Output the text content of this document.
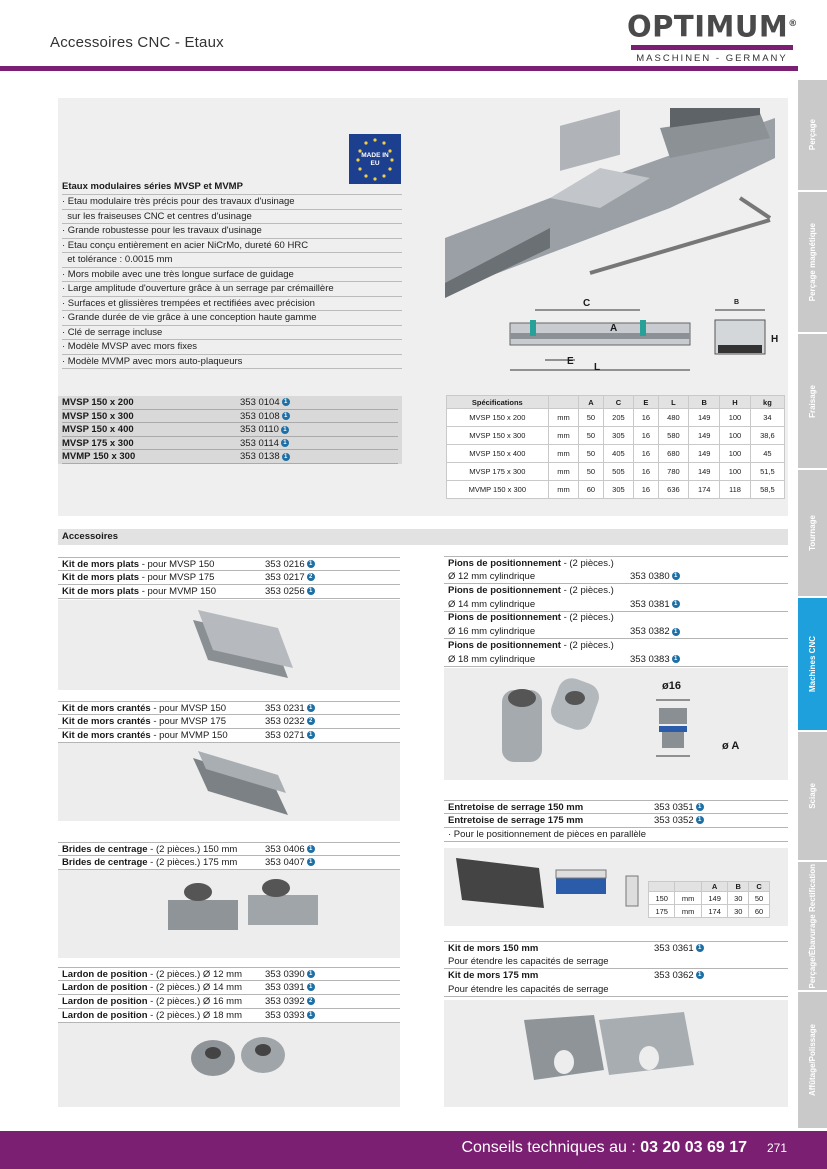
Accessoires CNC - Etaux	OPTIMUM®
MASCHINEN - GERMANY
Perçage
Perçage magnétique
Fraisage
Tournage
Machines CNC
Sciage
Perçage/Ébavurage Rectification
Affûtage/Polissage
MADE IN EU
Etaux modulaires séries MVSP et MVMP
· Etau modulaire très précis pour des travaux d'usinage
sur les fraiseuses CNC et centres d'usinage
· Grande robustesse pour les travaux d'usinage
· Etau conçu entièrement en acier NiCrMo, dureté 60 HRC
et tolérance : 0.0015 mm
· Mors mobile avec une très longue surface de guidage
· Large amplitude d'ouverture grâce à un serrage par crémaillère
· Surfaces et glissières trempées et rectifiées avec précision
· Grande durée de vie grâce à une conception haute gamme
· Clé de serrage incluse
· Modèle MVSP avec mors fixes
· Modèle MVMP avec mors auto-plaqueurs
C
A
E
L
B
H
MVSP 150 x 200	353 0104 1
MVSP 150 x 300	353 0108 1
MVSP 150 x 400	353 0110 1
MVSP 175 x 300	353 0114 1
MVMP 150 x 300	353 0138 1
Spécifications		A	C	E	L	B	H	kg
MVSP 150 x 200	mm	50	205	16	480	149	100	34
MVSP 150 x 300	mm	50	305	16	580	149	100	38,6
MVSP 150 x 400	mm	50	405	16	680	149	100	45
MVSP 175 x 300	mm	50	505	16	780	149	100	51,5
MVMP 150 x 300	mm	60	305	16	636	174	118	58,5
Accessoires
Kit de mors plats - pour MVSP 150	353 0216 1
Kit de mors plats - pour MVSP 175	353 0217 2
Kit de mors plats - pour MVMP 150	353 0256 1
Kit de mors crantés - pour MVSP 150	353 0231 1
Kit de mors crantés - pour MVSP 175	353 0232 2
Kit de mors crantés - pour MVMP 150	353 0271 1
Brides de centrage - (2 pièces.) 150 mm	353 0406 1
Brides de centrage - (2 pièces.) 175 mm	353 0407 1
Lardon de position - (2 pièces.) Ø 12 mm 353 0390 1
Lardon de position - (2 pièces.) Ø 14 mm 353 0391 1
Lardon de position - (2 pièces.) Ø 16 mm 353 0392 2
Lardon de position - (2 pièces.) Ø 18 mm 353 0393 1
Pions de positionnement - (2 pièces.)
Ø 12 mm cylindrique	353 0380 1
Pions de positionnement - (2 pièces.)
Ø 14 mm cylindrique	353 0381 1
Pions de positionnement - (2 pièces.)
Ø 16 mm cylindrique	353 0382 1
Pions de positionnement - (2 pièces.)
Ø 18 mm cylindrique	353 0383 1
ø16
ø A
Entretoise de serrage 150 mm	353 0351 1
Entretoise de serrage 175 mm	353 0352 1
· Pour le positionnement de pièces en parallèle
		A	B	C
150	mm	149	30	50
175	mm	174	30	60
Kit de mors 150 mm	353 0361 1
Pour étendre les capacités de serrage
Kit de mors 175 mm	353 0362 1
Pour étendre les capacités de serrage
Conseils techniques au : 03 20 03 69 17 271
